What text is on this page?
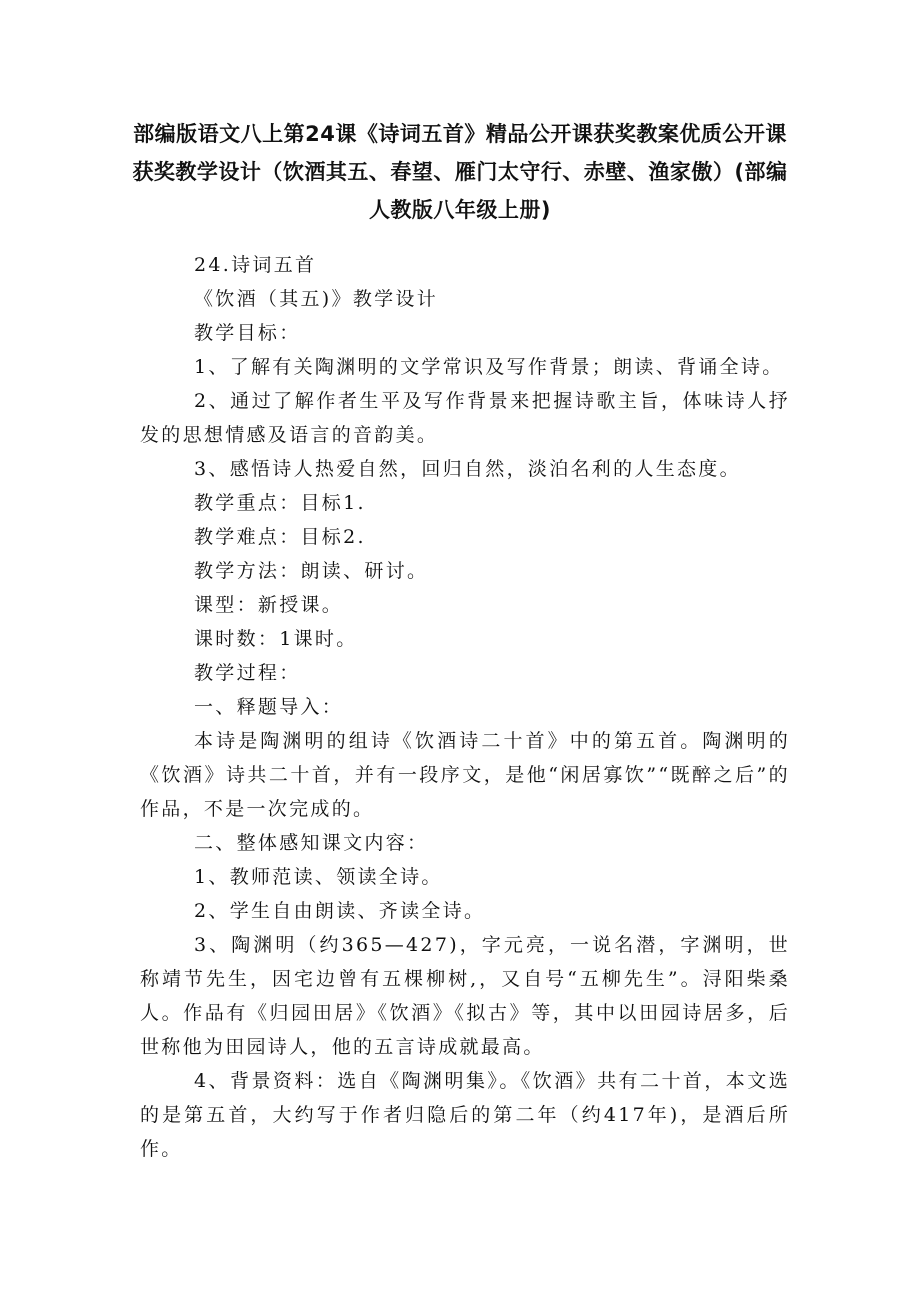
部编版语文八上第24课《诗词五首》精品公开课获奖教案优质公开课获奖教学设计（饮酒其五、春望、雁门太守行、赤壁、渔家傲）(部编人教版八年级上册)
24.诗词五首
《饮酒（其五)》教学设计
教学目标：
1、了解有关陶渊明的文学常识及写作背景；朗读、背诵全诗。

2、通过了解作者生平及写作背景来把握诗歌主旨，体味诗人抒发的思想情感及语言的音韵美。

3、感悟诗人热爱自然，回归自然，淡泊名利的人生态度。
教学重点：目标1.
教学难点：目标2.
教学方法：朗读、研讨。
课型：新授课。
课时数：1课时。
教学过程：
一、释题导入：

本诗是陶渊明的组诗《饮酒诗二十首》中的第五首。陶渊明的《饮酒》诗共二十首，并有一段序文，是他“闲居寡饮”“既醉之后”的作品，不是一次完成的。

二、整体感知课文内容：
1、教师范读、领读全诗。
2、学生自由朗读、齐读全诗。

3、陶渊明（约365—427)，字元亮，一说名潜，字渊明，世称靖节先生，因宅边曾有五棵柳树,，又自号“五柳先生”。浔阳柴桑人。作品有《归园田居》《饮酒》《拟古》等，其中以田园诗居多，后世称他为田园诗人，他的五言诗成就最高。

4、背景资料：选自《陶渊明集》。《饮酒》共有二十首，本文选的是第五首，大约写于作者归隐后的第二年（约417年)，是酒后所作。
